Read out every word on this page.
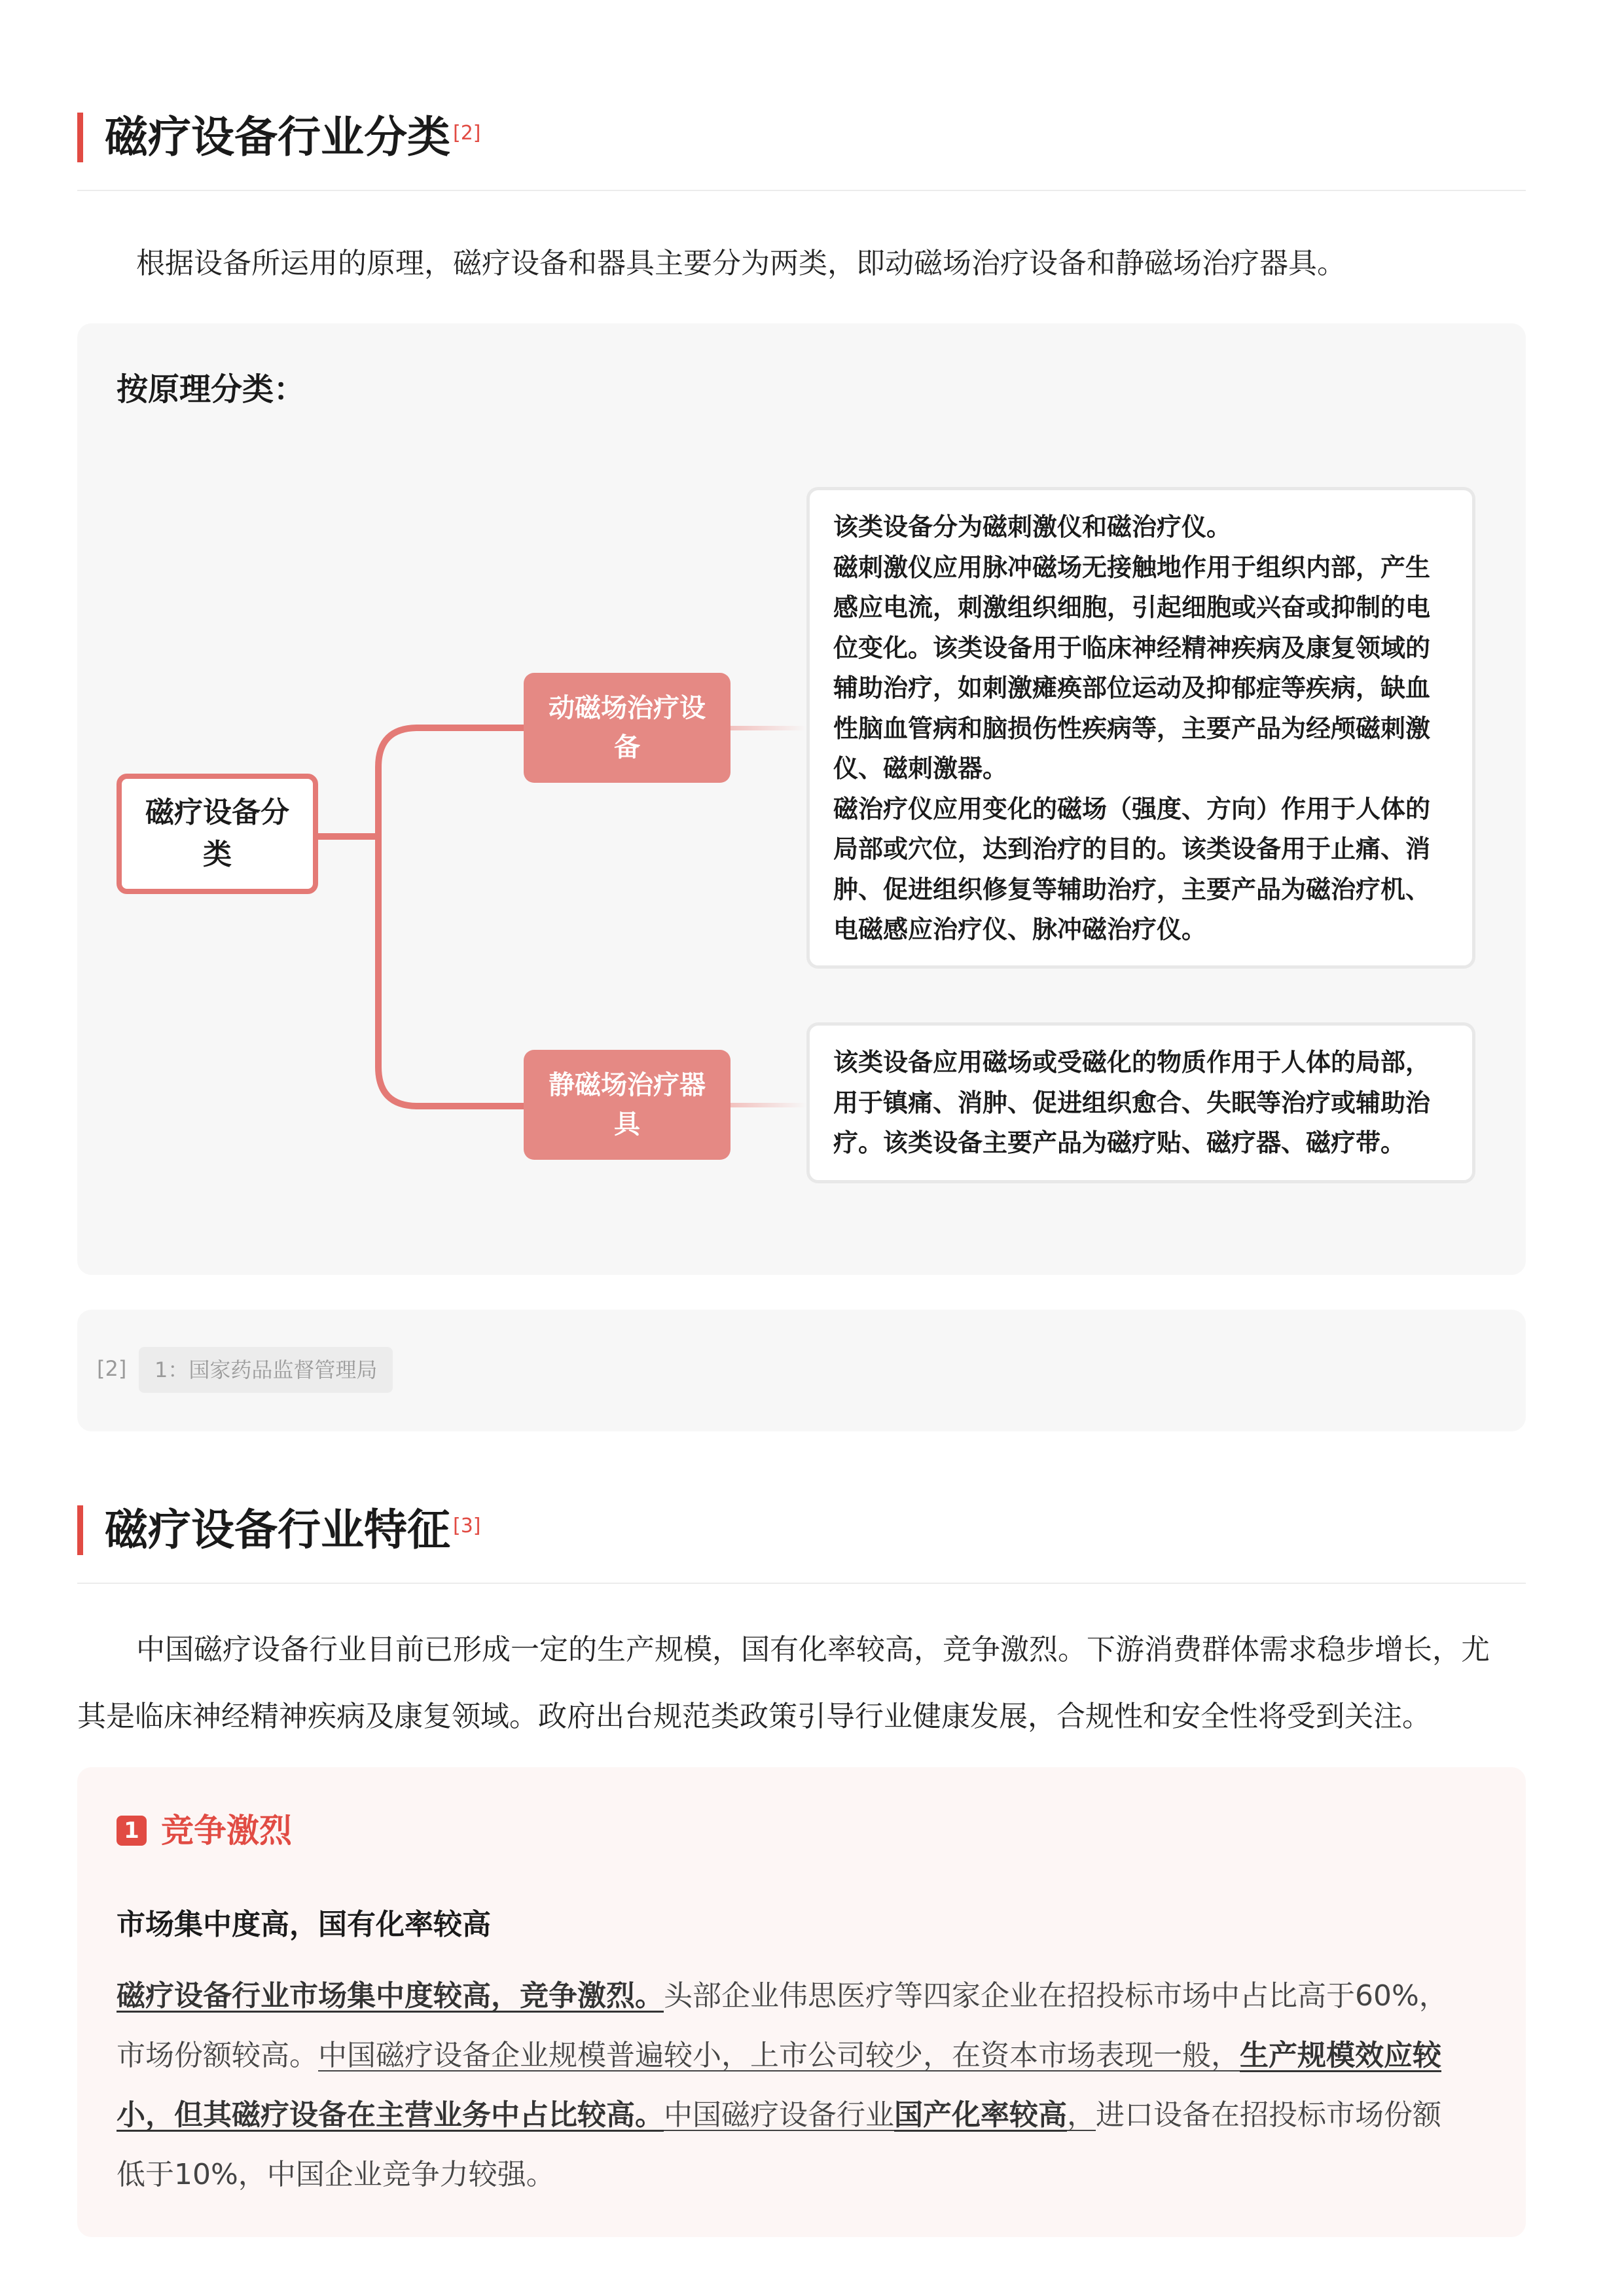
磁疗设备行业分类 [2]
根据设备所运用的原理，磁疗设备和器具主要分为两类，即动磁场治疗设备和静磁场治疗器具。
按原理分类：
磁疗设备分类
动磁场治疗设备
该类设备分为磁刺激仪和磁治疗仪。
磁刺激仪应用脉冲磁场无接触地作用于组织内部，产生
感应电流，刺激组织细胞，引起细胞或兴奋或抑制的电
位变化。该类设备用于临床神经精神疾病及康复领域的
辅助治疗，如刺激瘫痪部位运动及抑郁症等疾病，缺血
性脑血管病和脑损伤性疾病等，主要产品为经颅磁刺激
仪、磁刺激器。
磁治疗仪应用变化的磁场（强度、方向）作用于人体的
局部或穴位，达到治疗的目的。该类设备用于止痛、消
肿、促进组织修复等辅助治疗，主要产品为磁治疗机、
电磁感应治疗仪、脉冲磁治疗仪。
静磁场治疗器具
该类设备应用磁场或受磁化的物质作用于人体的局部，
用于镇痛、消肿、促进组织愈合、失眠等治疗或辅助治
疗。该类设备主要产品为磁疗贴、磁疗器、磁疗带。
[2]	1：国家药品监督管理局
磁疗设备行业特征 [3]
中国磁疗设备行业目前已形成一定的生产规模，国有化率较高，竞争激烈。下游消费群体需求稳步增长，尤
其是临床神经精神疾病及康复领域。政府出台规范类政策引导行业健康发展，合规性和安全性将受到关注。
1 竞争激烈
市场集中度高，国有化率较高
磁疗设备行业市场集中度较高，竞争激烈。头部企业伟思医疗等四家企业在招投标市场中占比高于60%，
市场份额较高。中国磁疗设备企业规模普遍较小，上市公司较少，在资本市场表现一般，生产规模效应较
小，但其磁疗设备在主营业务中占比较高。中国磁疗设备行业国产化率较高，进口设备在招投标市场份额
低于10%，中国企业竞争力较强。
